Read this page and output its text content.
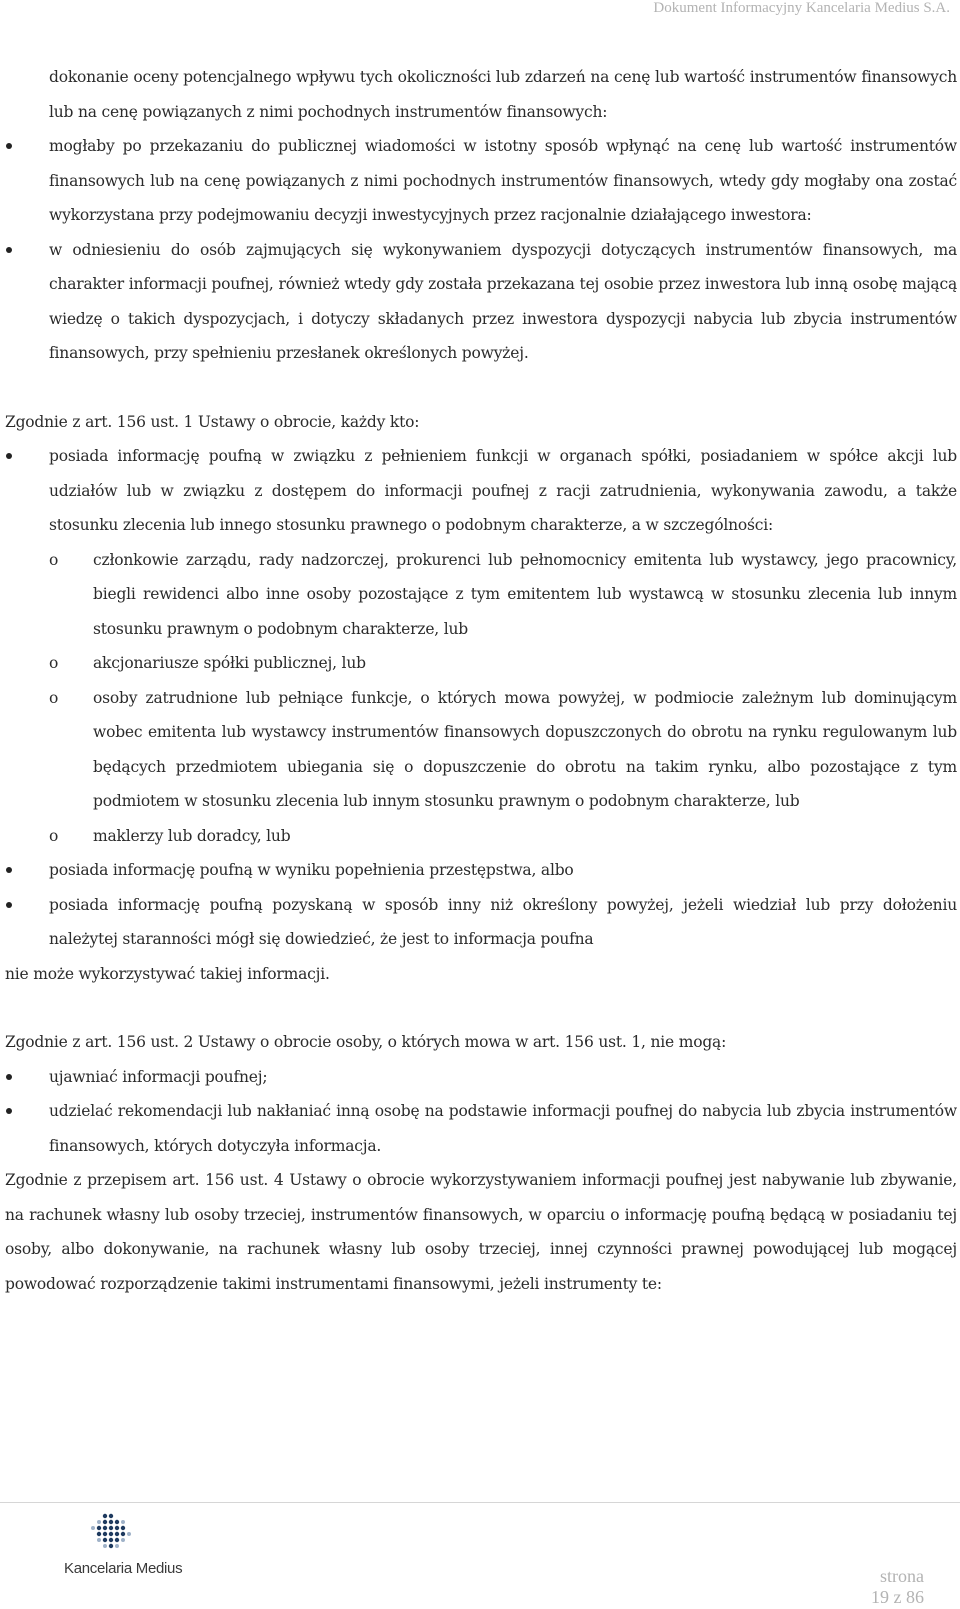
Dokument Informacyjny Kancelaria Medius S.A.

dokonanie oceny potencjalnego wpływu tych okoliczności lub zdarzeń na cenę lub wartość instrumentów finansowych lub na cenę powiązanych z nimi pochodnych instrumentów finansowych:

mogłaby po przekazaniu do publicznej wiadomości w istotny sposób wpłynąć na cenę lub wartość instrumentów finansowych lub na cenę powiązanych z nimi pochodnych instrumentów finansowych, wtedy gdy mogłaby ona zostać wykorzystana przy podejmowaniu decyzji inwestycyjnych przez racjonalnie działającego inwestora:

w odniesieniu do osób zajmujących się wykonywaniem dyspozycji dotyczących instrumentów finansowych, ma charakter informacji poufnej, również wtedy gdy została przekazana tej osobie przez inwestora lub inną osobę mającą wiedzę o takich dyspozycjach, i dotyczy składanych przez inwestora dyspozycji nabycia lub zbycia instrumentów finansowych, przy spełnieniu przesłanek określonych powyżej.

Zgodnie z art. 156 ust. 1 Ustawy o obrocie, każdy kto:

posiada informację poufną w związku z pełnieniem funkcji w organach spółki, posiadaniem w spółce akcji lub udziałów lub w związku z dostępem do informacji poufnej z racji zatrudnienia, wykonywania zawodu, a także stosunku zlecenia lub innego stosunku prawnego o podobnym charakterze, a w szczególności:

o członkowie zarządu, rady nadzorczej, prokurenci lub pełnomocnicy emitenta lub wystawcy, jego pracownicy, biegli rewidenci albo inne osoby pozostające z tym emitentem lub wystawcą w stosunku zlecenia lub innym stosunku prawnym o podobnym charakterze, lub

o akcjonariusze spółki publicznej, lub

o osoby zatrudnione lub pełniące funkcje, o których mowa powyżej, w podmiocie zależnym lub dominującym wobec emitenta lub wystawcy instrumentów finansowych dopuszczonych do obrotu na rynku regulowanym lub będących przedmiotem ubiegania się o dopuszczenie do obrotu na takim rynku, albo pozostające z tym podmiotem w stosunku zlecenia lub innym stosunku prawnym o podobnym charakterze, lub

o maklerzy lub doradcy, lub

posiada informację poufną w wyniku popełnienia przestępstwa, albo

posiada informację poufną pozyskaną w sposób inny niż określony powyżej, jeżeli wiedział lub przy dołożeniu należytej staranności mógł się dowiedzieć, że jest to informacja poufna

nie może wykorzystywać takiej informacji.

Zgodnie z art. 156 ust. 2 Ustawy o obrocie osoby, o których mowa w art. 156 ust. 1, nie mogą:

ujawniać informacji poufnej;

udzielać rekomendacji lub nakłaniać inną osobę na podstawie informacji poufnej do nabycia lub zbycia instrumentów finansowych, których dotyczyła informacja.

Zgodnie z przepisem art. 156 ust. 4 Ustawy o obrocie wykorzystywaniem informacji poufnej jest nabywanie lub zbywanie, na rachunek własny lub osoby trzeciej, instrumentów finansowych, w oparciu o informację poufną będącą w posiadaniu tej osoby, albo dokonywanie, na rachunek własny lub osoby trzeciej, innej czynności prawnej powodującej lub mogącej powodować rozporządzenie takimi instrumentami finansowymi, jeżeli instrumenty te:

Kancelaria Medius	strona
19 z 86
